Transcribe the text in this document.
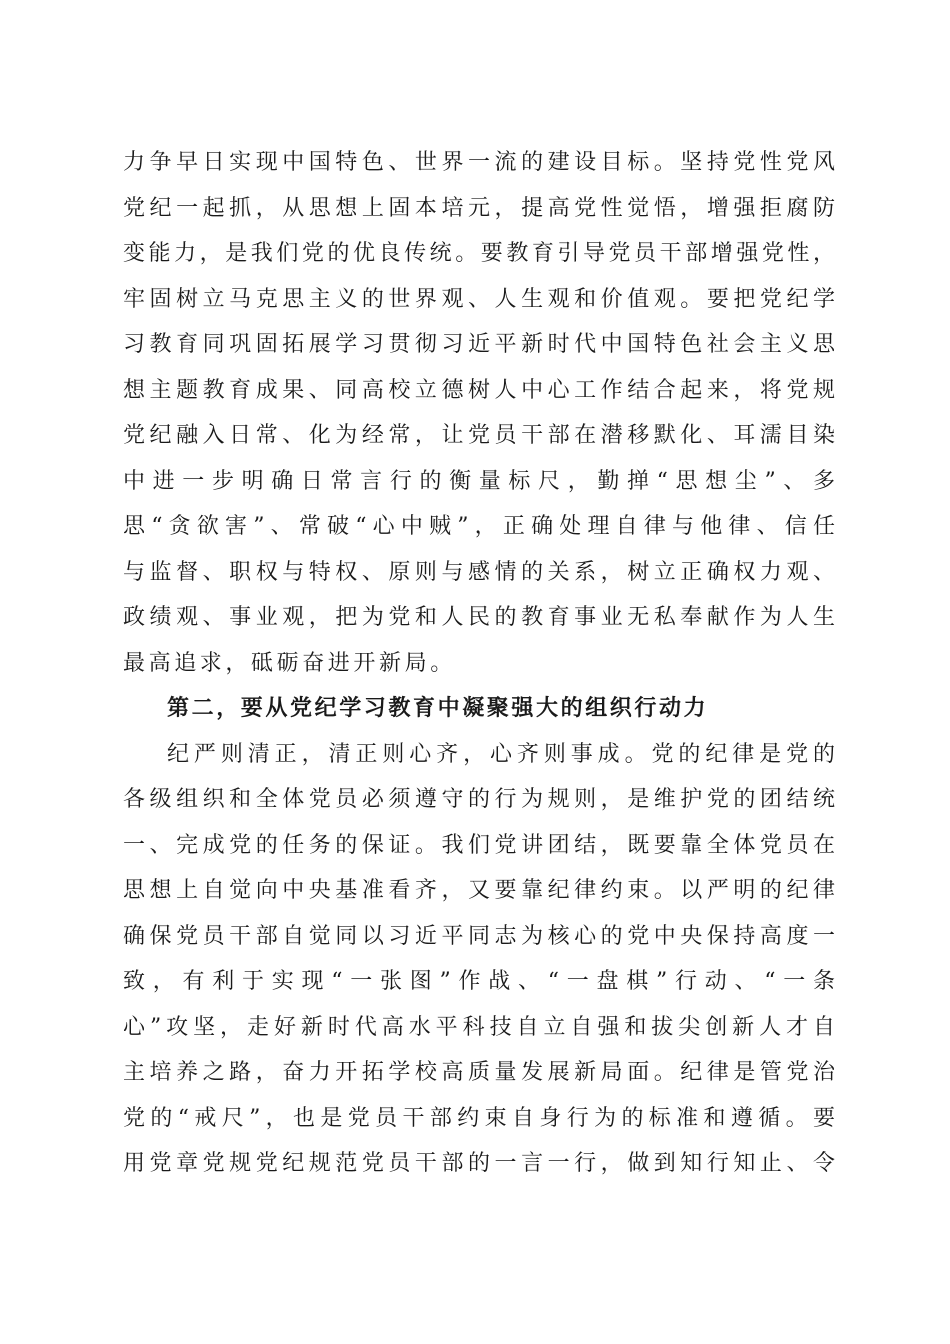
力争早日实现中国特色、世界一流的建设目标。坚持党性党风
党纪一起抓，从思想上固本培元，提高党性觉悟，增强拒腐防
变能力，是我们党的优良传统。要教育引导党员干部增强党性，
牢固树立马克思主义的世界观、人生观和价值观。要把党纪学
习教育同巩固拓展学习贯彻习近平新时代中国特色社会主义思
想主题教育成果、同高校立德树人中心工作结合起来，将党规
党纪融入日常、化为经常，让党员干部在潜移默化、耳濡目染
中进一步明确日常言行的衡量标尺，勤掸“思想尘”、多
思“贪欲害”、常破“心中贼”，正确处理自律与他律、信任
与监督、职权与特权、原则与感情的关系，树立正确权力观、
政绩观、事业观，把为党和人民的教育事业无私奉献作为人生
最高追求，砥砺奋进开新局。
第二，要从党纪学习教育中凝聚强大的组织行动力
纪严则清正，清正则心齐，心齐则事成。党的纪律是党的
各级组织和全体党员必须遵守的行为规则，是维护党的团结统
一、完成党的任务的保证。我们党讲团结，既要靠全体党员在
思想上自觉向中央基准看齐，又要靠纪律约束。以严明的纪律
确保党员干部自觉同以习近平同志为核心的党中央保持高度一
致，有利于实现“一张图”作战、“一盘棋”行动、“一条
心”攻坚，走好新时代高水平科技自立自强和拔尖创新人才自
主培养之路，奋力开拓学校高质量发展新局面。纪律是管党治
党的“戒尺”，也是党员干部约束自身行为的标准和遵循。要
用党章党规党纪规范党员干部的一言一行，做到知行知止、令
